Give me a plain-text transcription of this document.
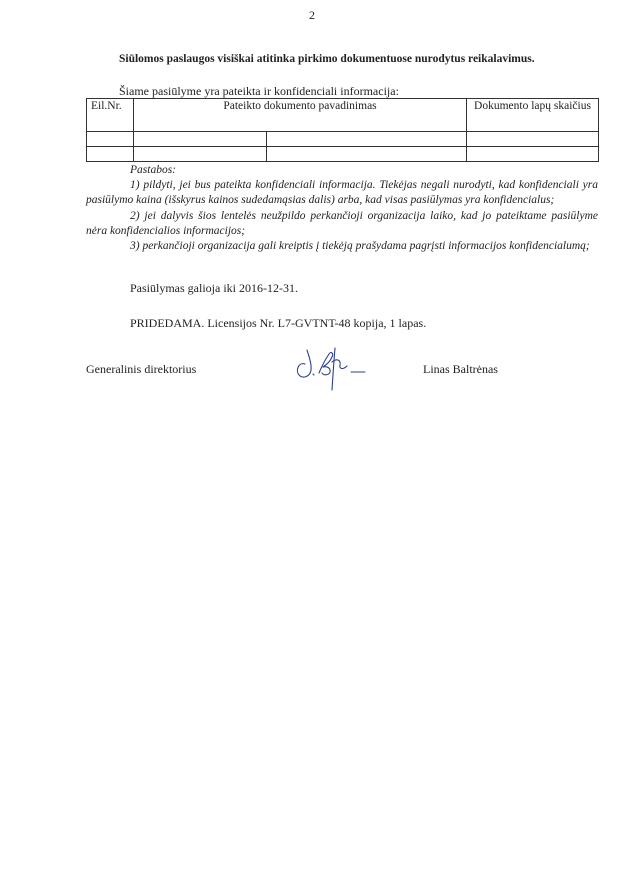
2
Siūlomos paslaugos visiškai atitinka pirkimo dokumentuose nurodytus reikalavimus.
Šiame pasiūlyme yra pateikta ir konfidenciali informacija:
Eil.Nr.	Pateikto dokumento pavadinimas		Dokumento lapų skaičius

Pastabos:

1) pildyti, jei bus pateikta konfidenciali informacija. Tiekėjas negali nurodyti, kad konfidenciali yra pasiūlymo kaina (išskyrus kainos sudedamąsias dalis) arba, kad visas pasiūlymas yra konfidencialus;

2) jei dalyvis šios lentelės neužpildo perkančioji organizacija laiko, kad jo pateiktame pasiūlyme nėra konfidencialios informacijos;

3) perkančioji organizacija gali kreiptis į tiekėją prašydama pagrįsti informacijos konfidencialumą;

Pasiūlymas galioja iki 2016-12-31.
PRIDEDAMA. Licensijos Nr. L7-GVTNT-48 kopija, 1 lapas.
Generalinis direktorius	Linas Baltrėnas
